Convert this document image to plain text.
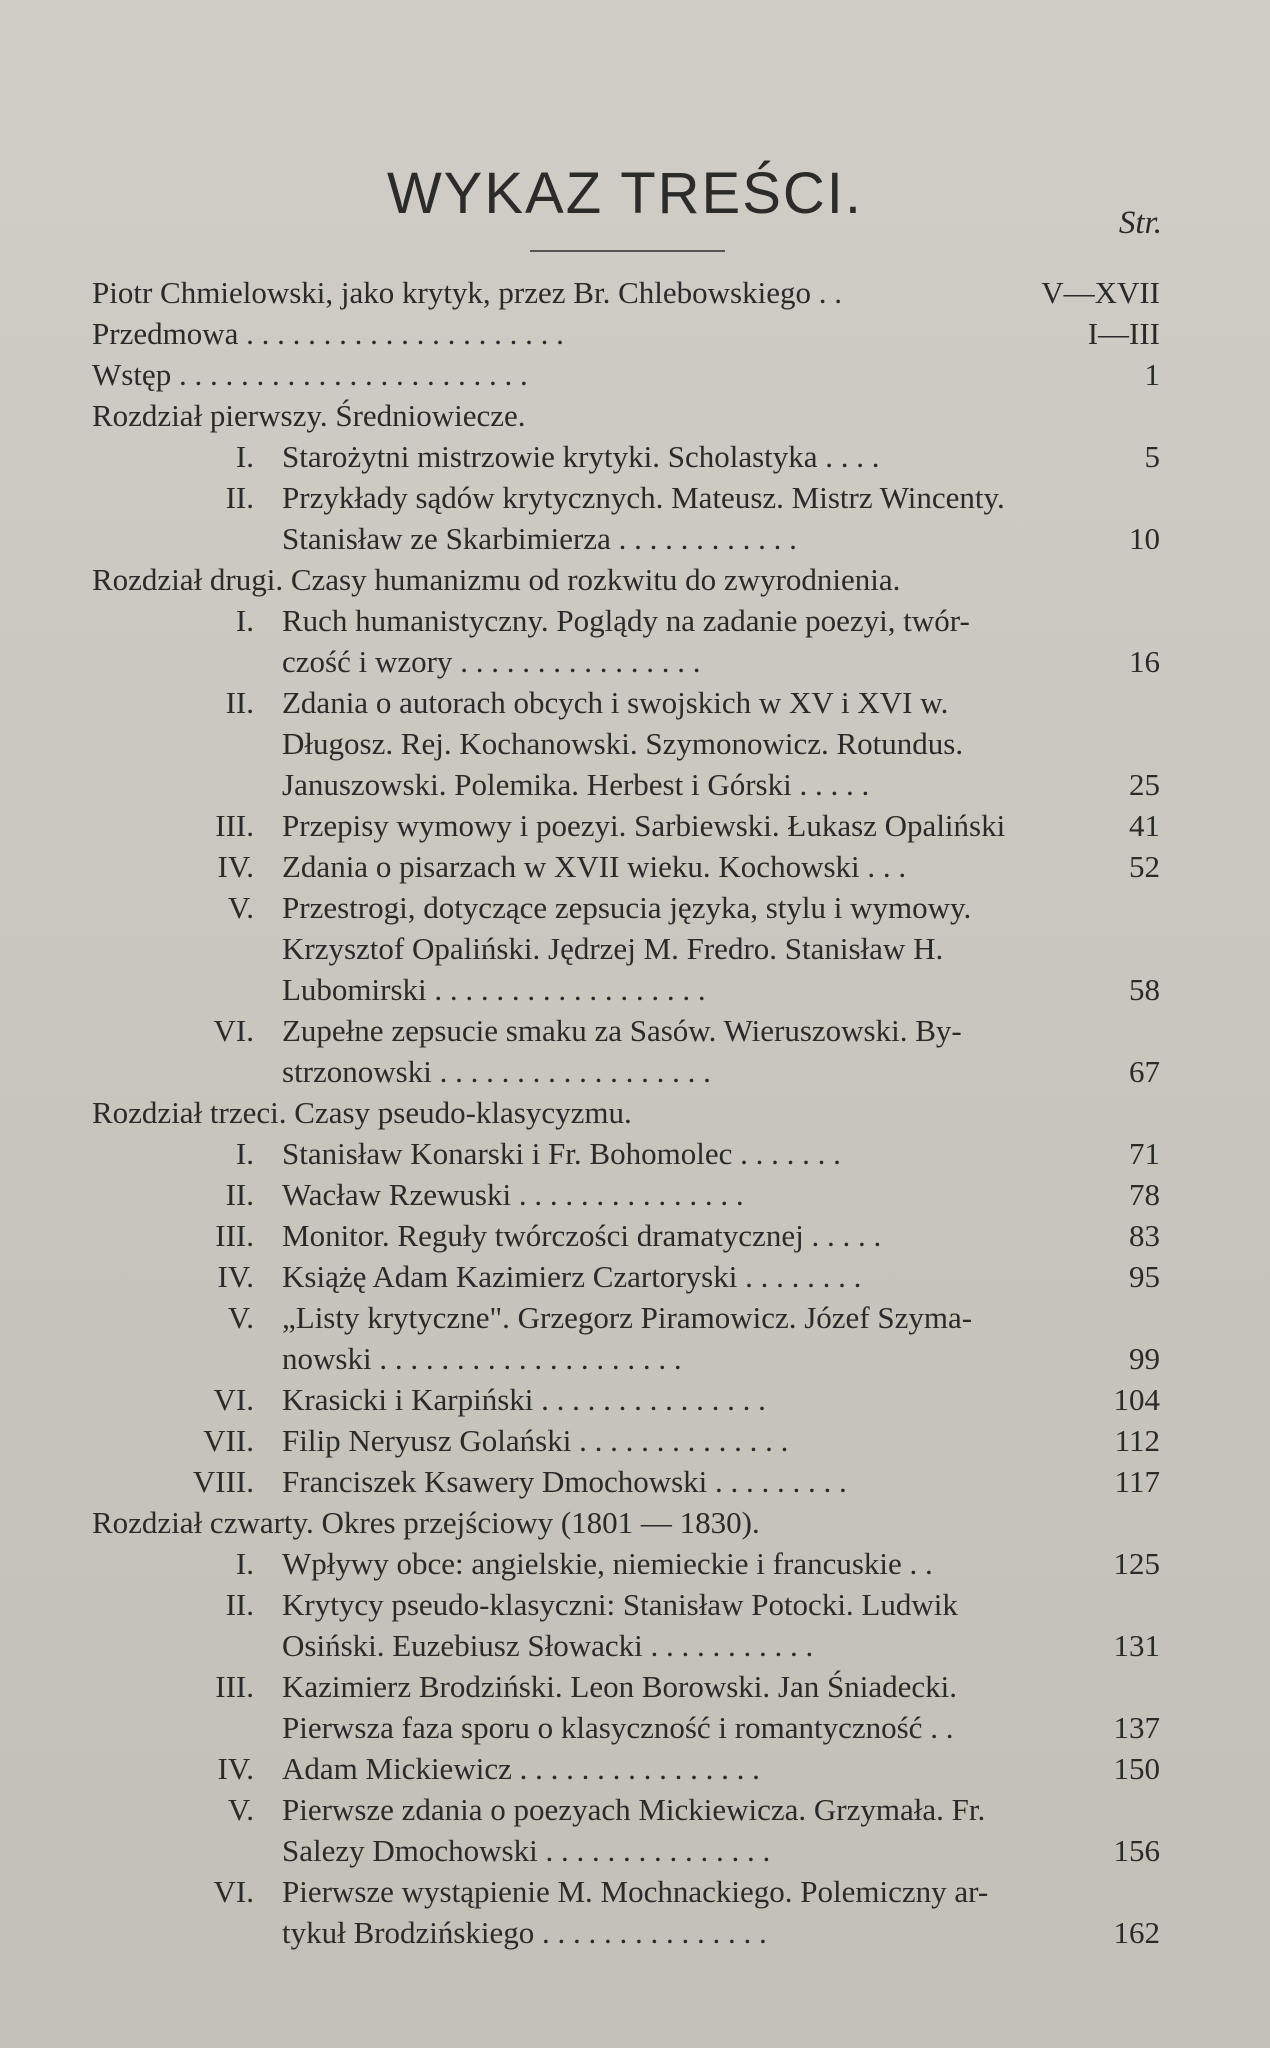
WYKAZ TREŚCI.	Str.
Piotr Chmielowski, jako krytyk, przez Br. Chlebowskiego . .	V—XVII
Przedmowa . . . . . . . . . . . . . . . . . . . . .	I—III
Wstęp . . . . . . . . . . . . . . . . . . . . . . .	1
Rozdział pierwszy. Średniowiecze.
I. Starożytni mistrzowie krytyki. Scholastyka . . . .	5
II. Przykłady sądów krytycznych. Mateusz. Mistrz Wincenty.
Stanisław ze Skarbimierza . . . . . . . . . . . .	10
Rozdział drugi. Czasy humanizmu od rozkwitu do zwyrodnienia.
I. Ruch humanistyczny. Poglądy na zadanie poezyi, twór-
czość i wzory . . . . . . . . . . . . . . . .	16
II. Zdania o autorach obcych i swojskich w XV i XVI w.
Długosz. Rej. Kochanowski. Szymonowicz. Rotundus.
Januszowski. Polemika. Herbest i Górski . . . . .	25
III. Przepisy wymowy i poezyi. Sarbiewski. Łukasz Opaliński	41
IV. Zdania o pisarzach w XVII wieku. Kochowski . . .	52
V. Przestrogi, dotyczące zepsucia języka, stylu i wymowy.
Krzysztof Opaliński. Jędrzej M. Fredro. Stanisław H.
Lubomirski . . . . . . . . . . . . . . . . . .	58
VI. Zupełne zepsucie smaku za Sasów. Wieruszowski. By-
strzonowski . . . . . . . . . . . . . . . . . .	67
Rozdział trzeci. Czasy pseudo-klasycyzmu.
I. Stanisław Konarski i Fr. Bohomolec . . . . . . .	71
II. Wacław Rzewuski . . . . . . . . . . . . . . .	78
III. Monitor. Reguły twórczości dramatycznej . . . . .	83
IV. Książę Adam Kazimierz Czartoryski . . . . . . . .	95
V. „Listy krytyczne". Grzegorz Piramowicz. Józef Szyma-
nowski . . . . . . . . . . . . . . . . . . . .	99
VI. Krasicki i Karpiński . . . . . . . . . . . . . . .	104
VII. Filip Neryusz Golański . . . . . . . . . . . . . .	112
VIII. Franciszek Ksawery Dmochowski . . . . . . . . .	117
Rozdział czwarty. Okres przejściowy (1801 — 1830).
I. Wpływy obce: angielskie, niemieckie i francuskie . .	125
II. Krytycy pseudo-klasyczni: Stanisław Potocki. Ludwik
Osiński. Euzebiusz Słowacki . . . . . . . . . . .	131
III. Kazimierz Brodziński. Leon Borowski. Jan Śniadecki.
Pierwsza faza sporu o klasyczność i romantyczność . .	137
IV. Adam Mickiewicz . . . . . . . . . . . . . . . .	150
V. Pierwsze zdania o poezyach Mickiewicza. Grzymała. Fr.
Salezy Dmochowski . . . . . . . . . . . . . . .	156
VI. Pierwsze wystąpienie M. Mochnackiego. Polemiczny ar-
tykuł Brodzińskiego . . . . . . . . . . . . . . .	162
